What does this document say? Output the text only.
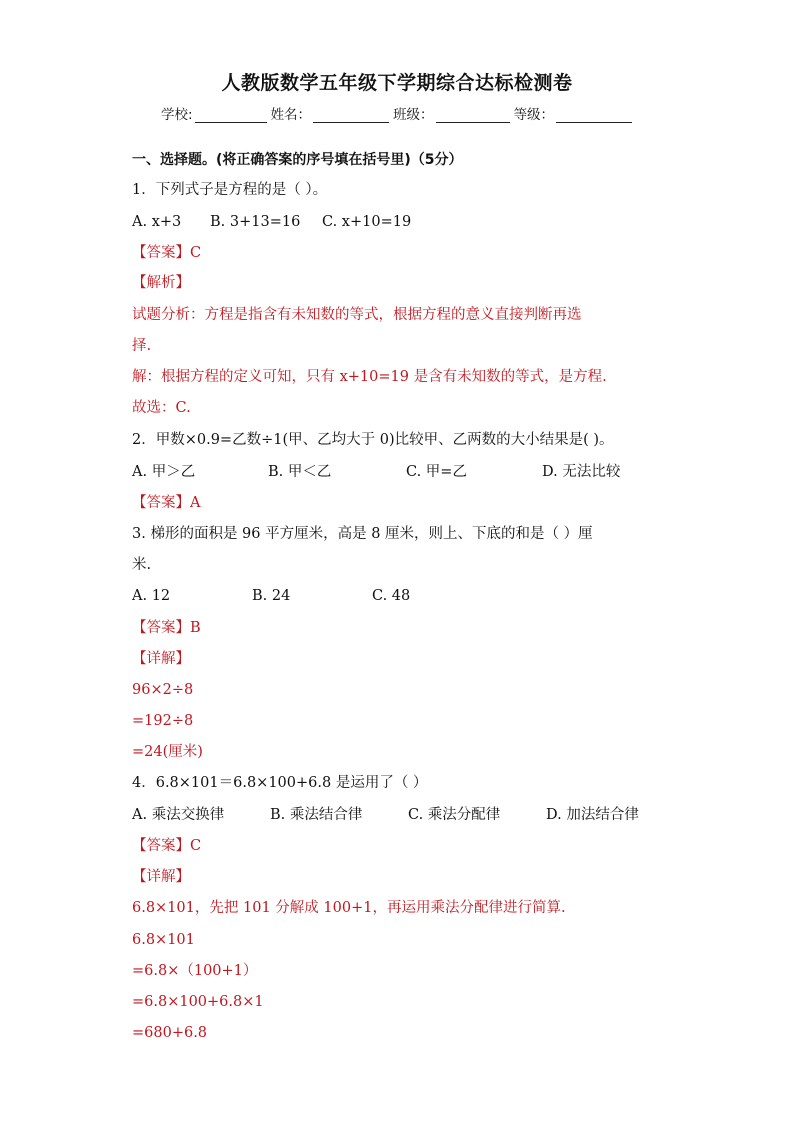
人教版数学五年级下学期综合达标检测卷
学校:	姓名：	班级：	等级：
一、选择题。(将正确答案的序号填在括号里)（5分）
1．下列式子是方程的是（ ）。
A. x+3 B. 3+13=16 C. x+10=19
【答案】C
【解析】
试题分析：方程是指含有未知数的等式，根据方程的意义直接判断再选
择.
解：根据方程的定义可知，只有 x+10=19 是含有未知数的等式，是方程.
故选：C.
2．甲数×0.9=乙数÷1(甲、乙均大于 0)比较甲、乙两数的大小结果是( )。
A. 甲＞乙	B. 甲＜乙	C. 甲=乙	D. 无法比较
【答案】A
3. 梯形的面积是 96 平方厘米，高是 8 厘米，则上、下底的和是（ ）厘
米.
A. 12	B. 24	C. 48
【答案】B
【详解】
96×2÷8
=192÷8
=24(厘米)
4．6.8×101＝6.8×100+6.8 是运用了（ ）
A. 乘法交换律	B. 乘法结合律	C. 乘法分配律	D. 加法结合律
【答案】C
【详解】
6.8×101，先把 101 分解成 100+1，再运用乘法分配律进行简算.
6.8×101
=6.8×（100+1）
=6.8×100+6.8×1
=680+6.8
